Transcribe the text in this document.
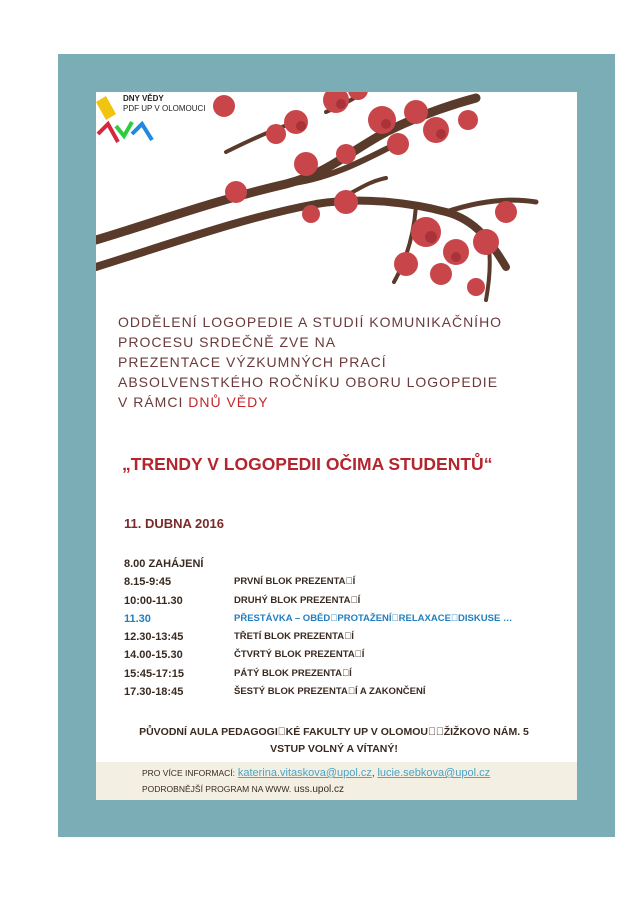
DNY VĚDY
PDF UP V OLOMOUCI
ODDĚLENÍ LOGOPEDIE A STUDIÍ KOMUNIKAČNÍHO
PROCESU SRDEČNĚ ZVE NA
PREZENTACE VÝZKUMNÝCH PRACÍ
ABSOLVENSTKÉHO ROČNÍKU OBORU LOGOPEDIE
V RÁMCI DNŮ VĚDY
„TRENDY V LOGOPEDII OČIMA STUDENTŮ“
11. DUBNA 2016
8.00 ZAHÁJENÍ
8.15-9:45	PRVNÍ BLOK PREZENTA Í
10:00-11.30	DRUHÝ BLOK PREZENTA Í
11.30	PŘESTÁVKA – OBĚD PROTAŽENÍ RELAXACE DISKUSE …
12.30-13:45	TŘETÍ BLOK PREZENTA Í
14.00-15.30	ČTVRTÝ BLOK PREZENTA Í
15:45-17:15	PÁTÝ BLOK PREZENTA Í
17.30-18:45	ŠESTÝ BLOK PREZENTA Í A ZAKONČENÍ
PŮVODNÍ AULA PEDAGOGI KÉ FAKULTY UP V OLOMOU  ŽIŽKOVO NÁM. 5
VSTUP VOLNÝ A VÍTANÝ!
PRO VÍCE INFORMACÍ: katerina.vitaskova@upol.cz, lucie.sebkova@upol.cz
PODROBNĚJŠÍ PROGRAM NA WWW. uss.upol.cz
